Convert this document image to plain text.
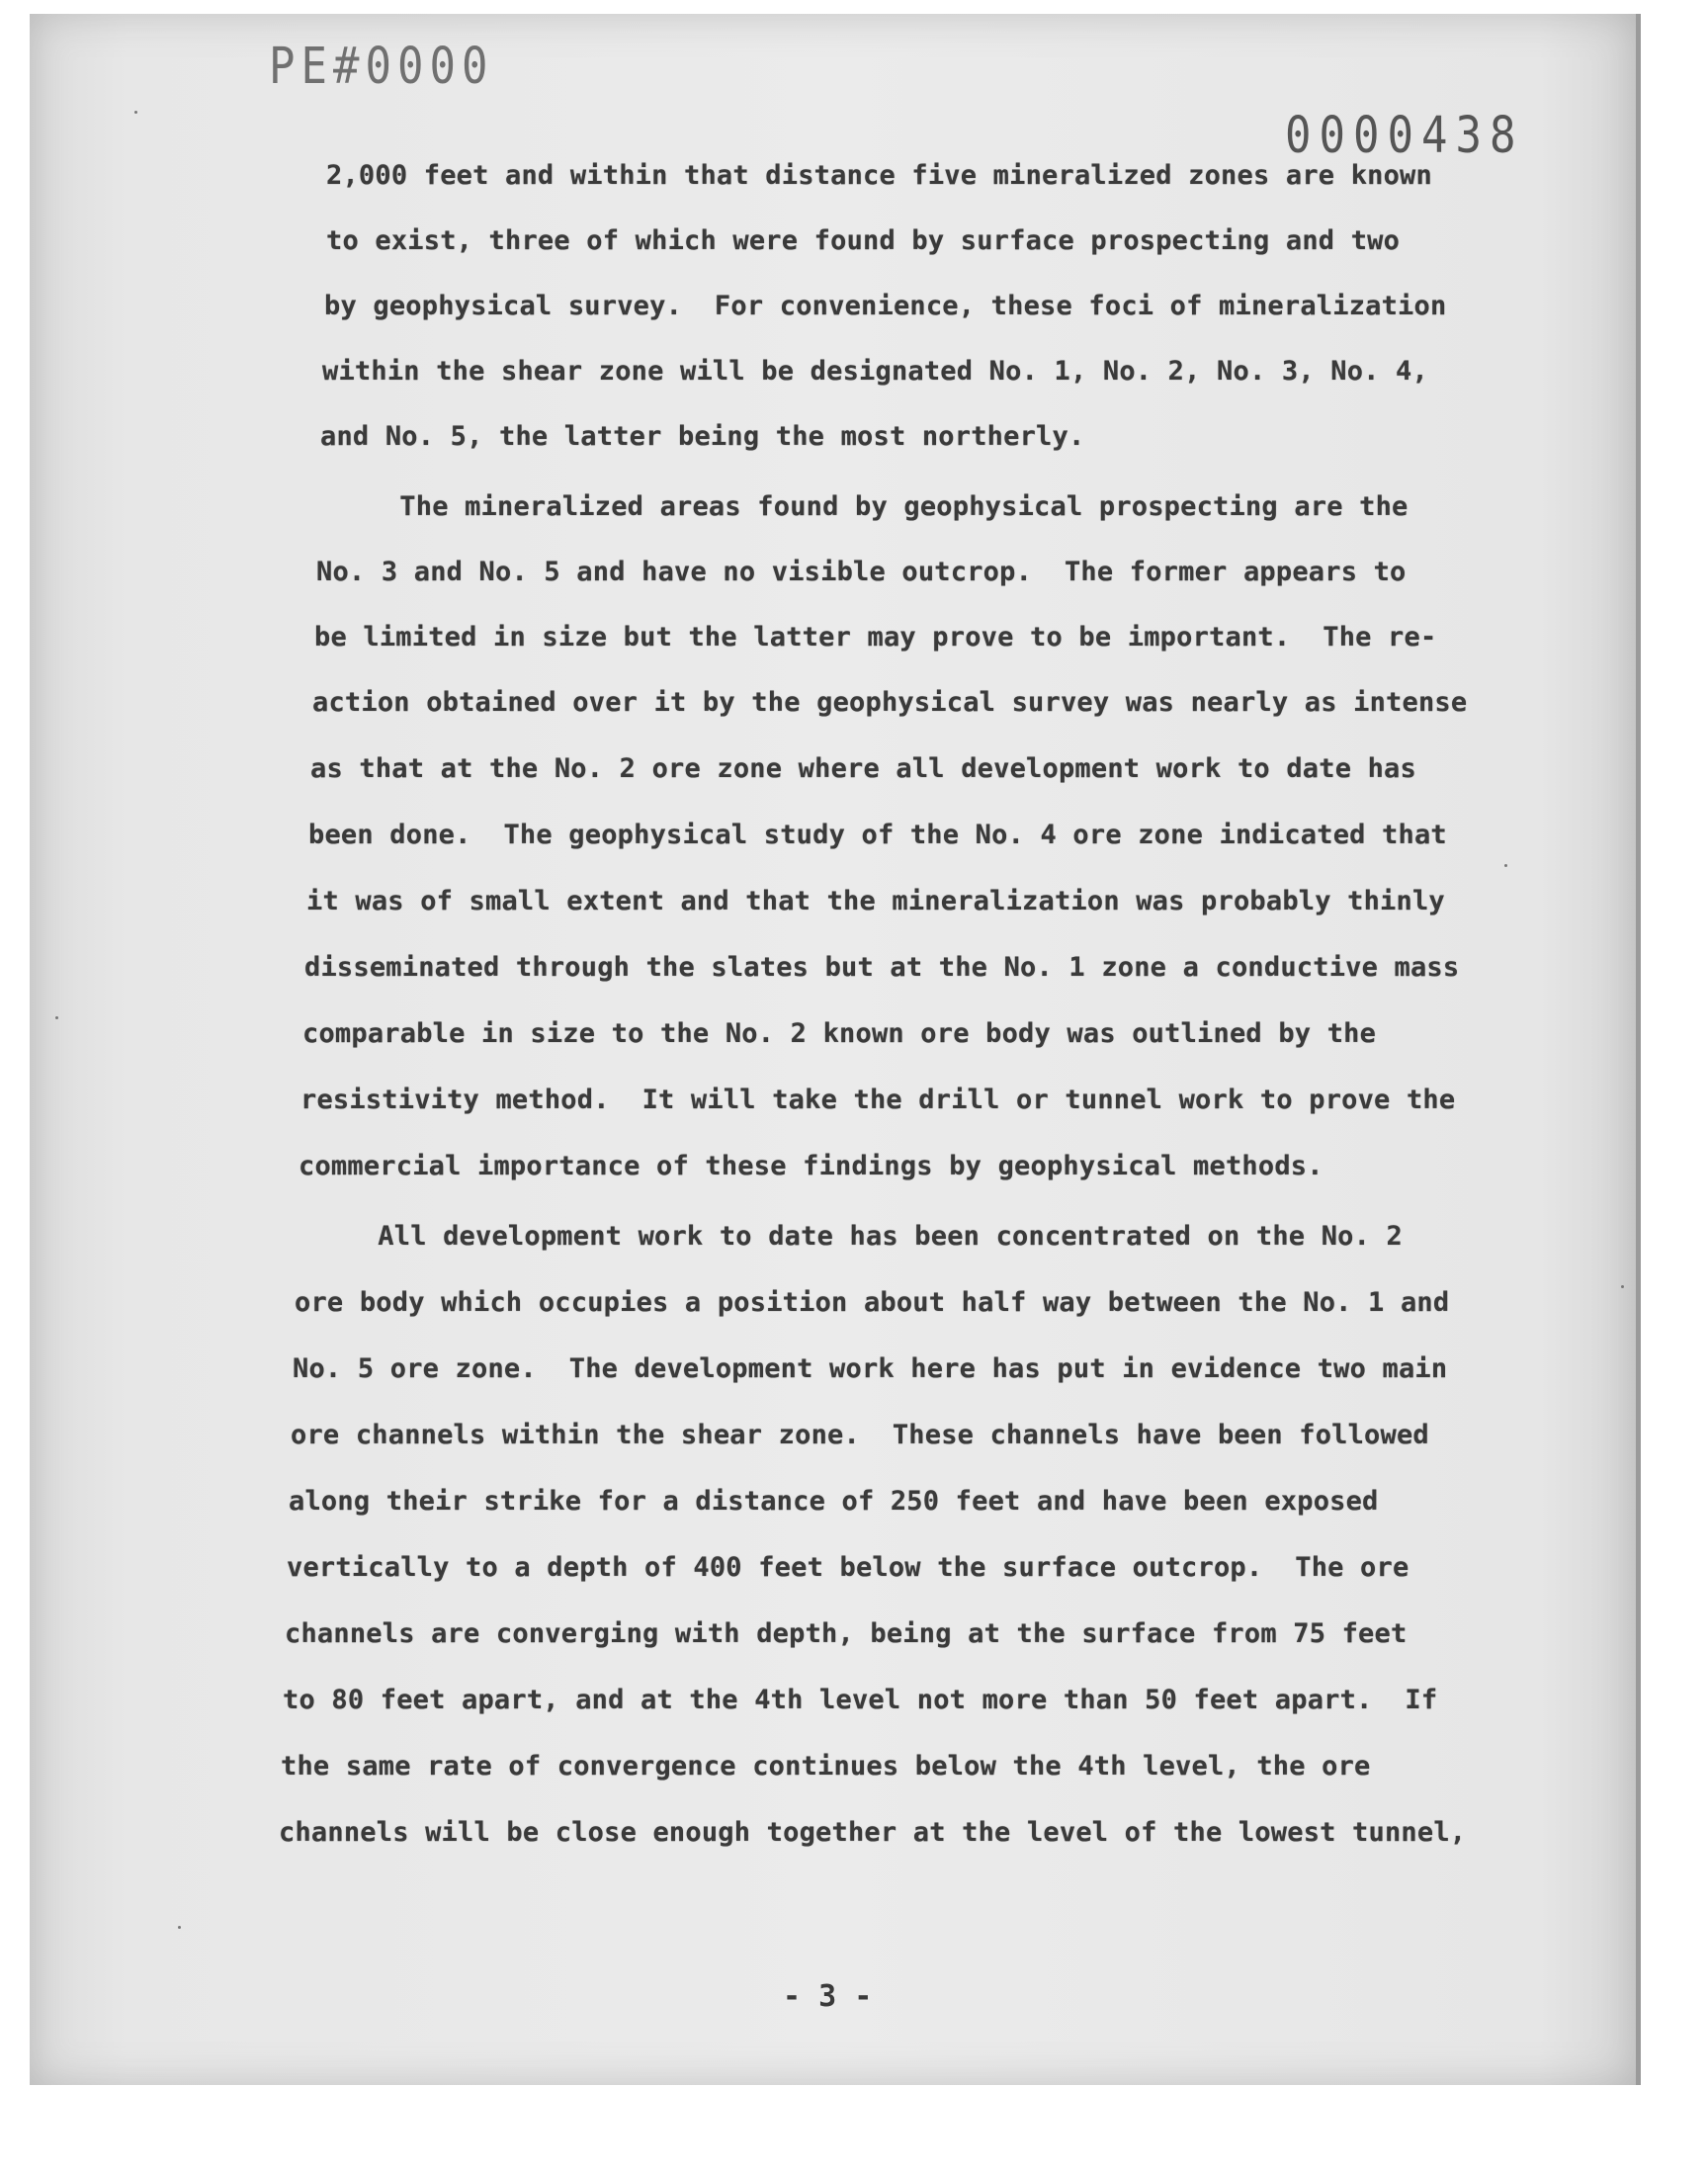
PE#0000
0000438
2,000 feet and within that distance five mineralized zones are known
to exist, three of which were found by surface prospecting and two
by geophysical survey.  For convenience, these foci of mineralization
within the shear zone will be designated No. 1, No. 2, No. 3, No. 4,
and No. 5, the latter being the most northerly.
The mineralized areas found by geophysical prospecting are the
No. 3 and No. 5 and have no visible outcrop.  The former appears to
be limited in size but the latter may prove to be important.  The re-
action obtained over it by the geophysical survey was nearly as intense
as that at the No. 2 ore zone where all development work to date has
been done.  The geophysical study of the No. 4 ore zone indicated that
it was of small extent and that the mineralization was probably thinly
disseminated through the slates but at the No. 1 zone a conductive mass
comparable in size to the No. 2 known ore body was outlined by the
resistivity method.  It will take the drill or tunnel work to prove the
commercial importance of these findings by geophysical methods.
All development work to date has been concentrated on the No. 2
ore body which occupies a position about half way between the No. 1 and
No. 5 ore zone.  The development work here has put in evidence two main
ore channels within the shear zone.  These channels have been followed
along their strike for a distance of 250 feet and have been exposed
vertically to a depth of 400 feet below the surface outcrop.  The ore
channels are converging with depth, being at the surface from 75 feet
to 80 feet apart, and at the 4th level not more than 50 feet apart.  If
the same rate of convergence continues below the 4th level, the ore
channels will be close enough together at the level of the lowest tunnel,
- 3 -
